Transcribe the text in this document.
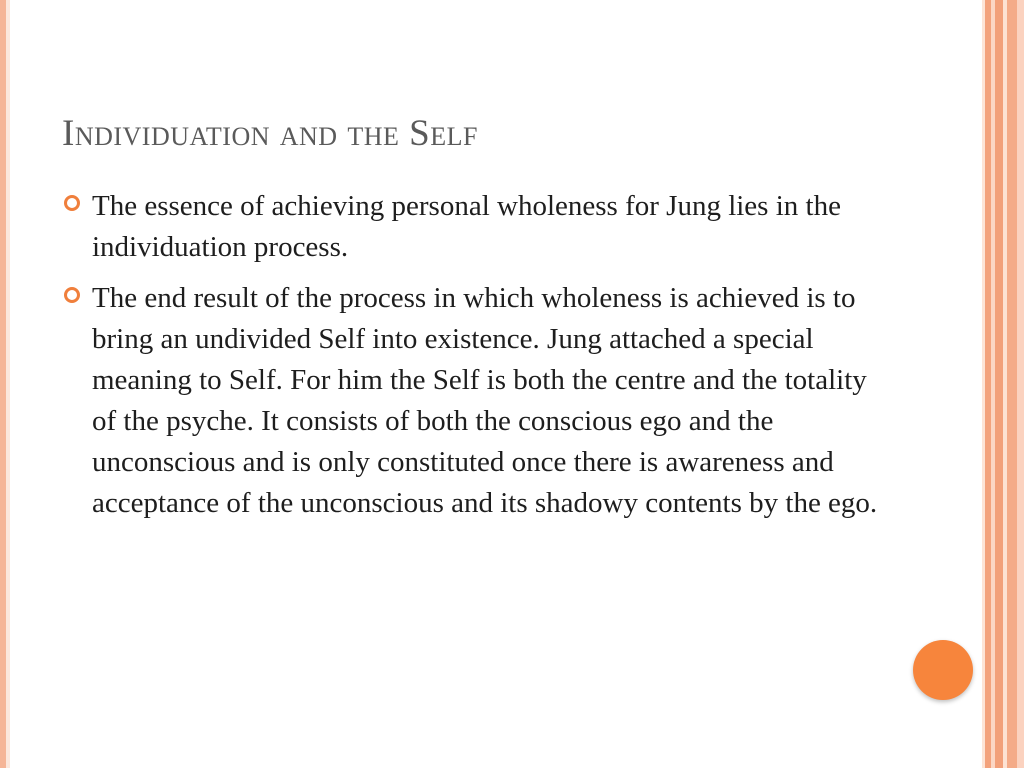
Individuation and the Self
The essence of achieving personal wholeness for Jung lies in the individuation process.
The end result of the process in which wholeness is achieved is to bring an undivided Self into existence. Jung attached a special meaning to Self. For him the Self is both the centre and the totality of the psyche. It consists of both the conscious ego and the unconscious and is only constituted once there is awareness and acceptance of the unconscious and its shadowy contents by the ego.
